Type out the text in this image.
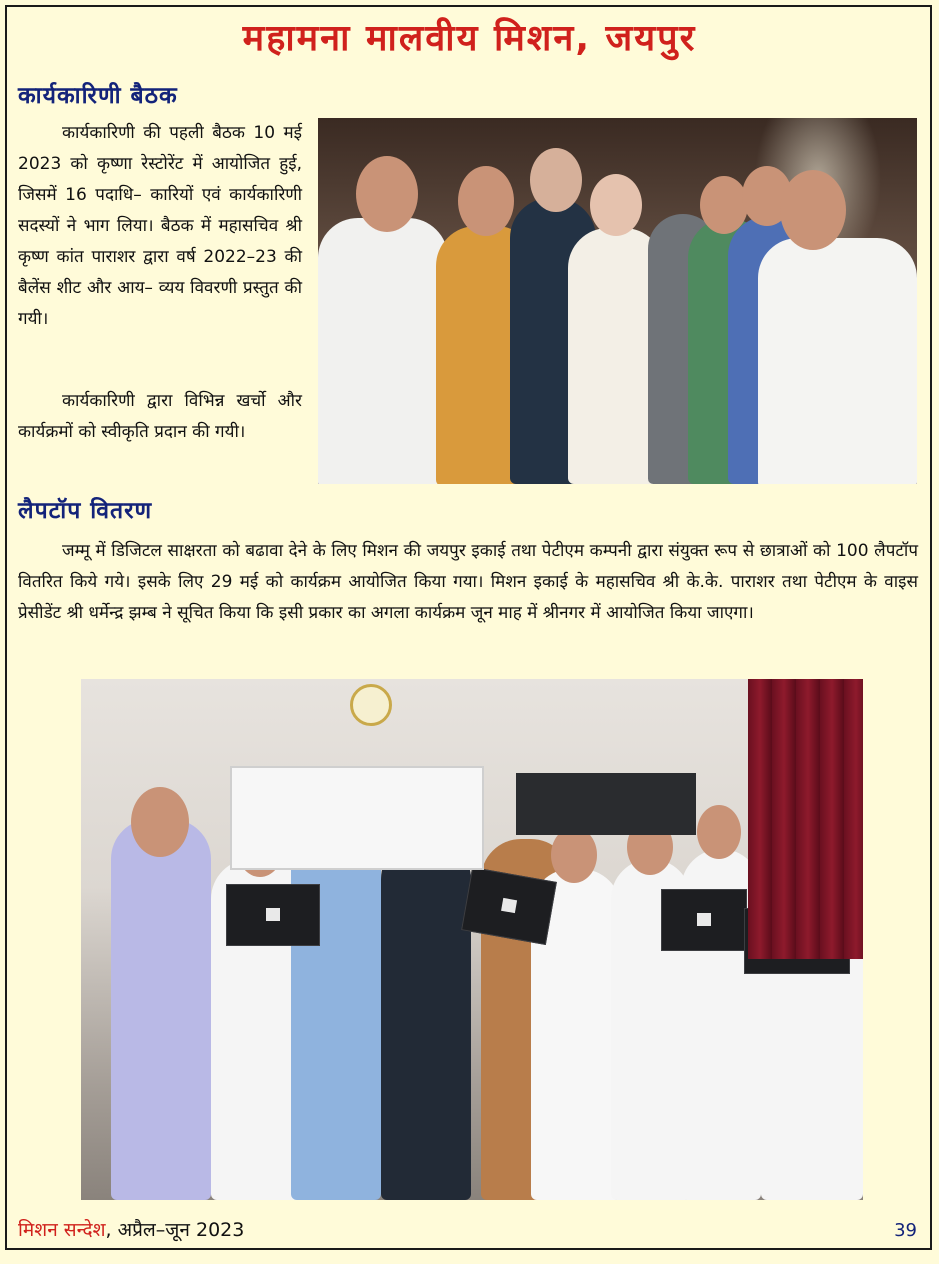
महामना मालवीय मिशन, जयपुर
कार्यकारिणी बैठक

कार्यकारिणी की पहली बैठक 10 मई 2023 को कृष्णा रेस्टोरेंट में आयोजित हुई, जिसमें 16 पदाधि– कारियों एवं कार्यकारिणी सदस्यों ने भाग लिया। बैठक में महासचिव श्री कृष्ण कांत पाराशर द्वारा वर्ष 2022–23 की बैलेंस शीट और आय– व्यय विवरणी प्रस्तुत की गयी।

कार्यकारिणी द्वारा विभिन्न खर्चो और कार्यक्रमों को स्वीकृति प्रदान की गयी।

लैपटॉप वितरण

जम्मू में डिजिटल साक्षरता को बढावा देने के लिए मिशन की जयपुर इकाई तथा पेटीएम कम्पनी द्वारा संयुक्त रूप से छात्राओं को 100 लैपटॉप वितरित किये गये। इसके लिए 29 मई को कार्यक्रम आयोजित किया गया। मिशन इकाई के महासचिव श्री के.के. पाराशर तथा पेटीएम के वाइस प्रेसीडेंट श्री धर्मेन्द्र झम्ब ने सूचित किया कि इसी प्रकार का अगला कार्यक्रम जून माह में श्रीनगर में आयोजित किया जाएगा।

मिशन सन्देश, अप्रैल–जून 2023	39
